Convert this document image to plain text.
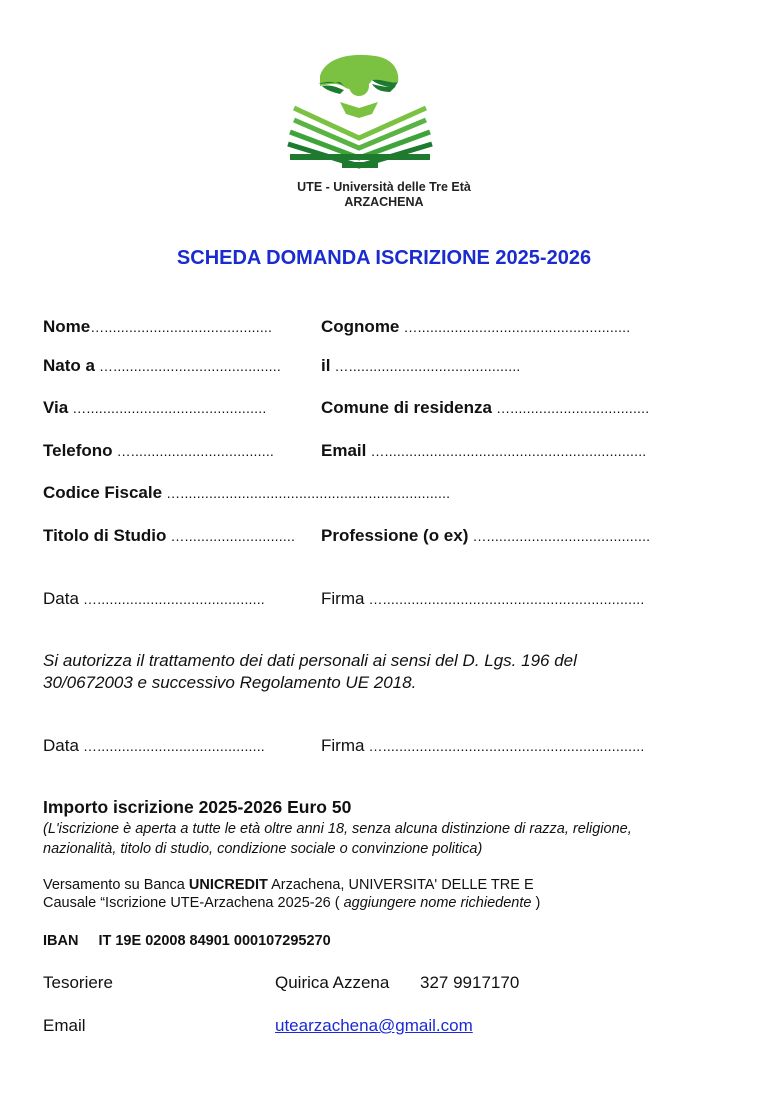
UTE - Università delle Tre Età
ARZACHENA
SCHEDA DOMANDA ISCRIZIONE 2025-2026
Nome….........................................	Cognome …....................................................
Nato a …......................................... il …..........................................
Via …............................................	Comune di residenza …..................................
Telefono …...................................	Email …................................................................
Codice Fiscale …..................................................................
Titolo di Studio …........................... Professione (o ex) …........................................
Data ….........................................	Firma …................................................................
Si autorizza il trattamento dei dati personali ai sensi del D. Lgs. 196 del
30/0672003 e successivo Regolamento UE 2018.
Data ….........................................	Firma …................................................................
Importo iscrizione 2025-2026 Euro 50
(L'iscrizione è aperta a tutte le età oltre anni 18, senza alcuna distinzione di razza, religione,
nazionalità, titolo di studio, condizione sociale o convinzione politica)
Versamento su Banca UNICREDIT Arzachena, UNIVERSITA' DELLE TRE E
Causale “Iscrizione UTE-Arzachena 2025-26 ( aggiungere nome richiedente )
IBAN IT 19E 02008 84901 000107295270
Tesoriere	Quirica Azzena 327 9917170
Email	utearzachena@gmail.com
